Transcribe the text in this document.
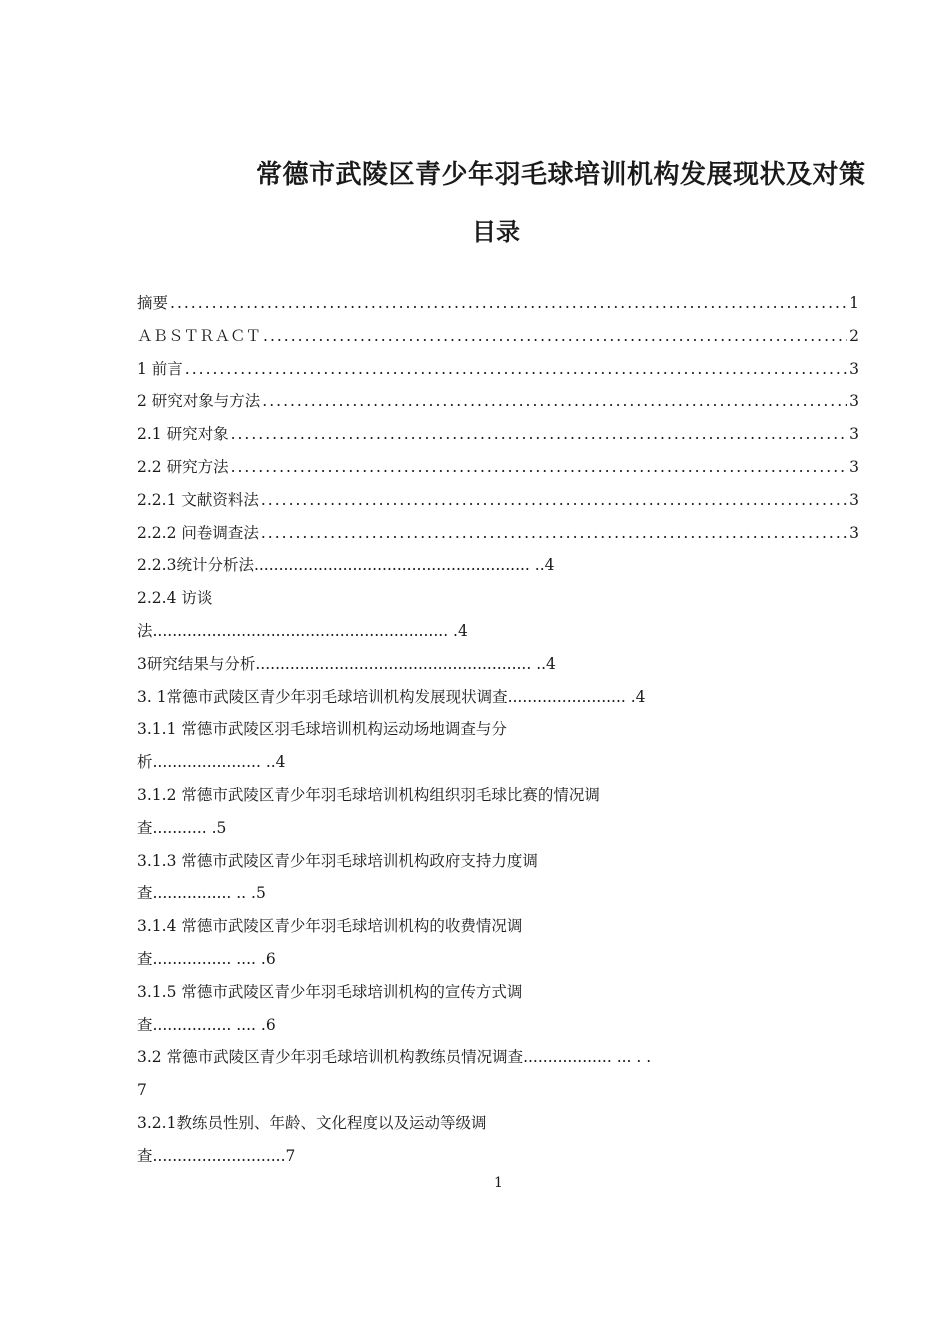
常德市武陵区青少年羽毛球培训机构发展现状及对策
目录
摘要 .....	1
ＡＢＳＴＲＡＣＴ .....	2
1 前言 .....	3
2 研究对象与方法 .....	3
2.1 研究对象 .....	3
2.2 研究方法 .....	3
2.2.1 文献资料法 .....	3
2.2.2 问卷调查法 .....	3
2.2.3统计分析法........................................................ ..4
2.2.4 访谈
法............................................................ .4
3研究结果与分析........................................................ ..4
3. 1常德市武陵区青少年羽毛球培训机构发展现状调查........................ .4
3.1.1 常德市武陵区羽毛球培训机构运动场地调查与分
析...................... ..4
3.1.2 常德市武陵区青少年羽毛球培训机构组织羽毛球比赛的情况调
查........... .5
3.1.3 常德市武陵区青少年羽毛球培训机构政府支持力度调
查................ .. .5
3.1.4 常德市武陵区青少年羽毛球培训机构的收费情况调
查................ .... .6
3.1.5 常德市武陵区青少年羽毛球培训机构的宣传方式调
查................ .... .6
3.2 常德市武陵区青少年羽毛球培训机构教练员情况调查.................. ... . .
7
3.2.1教练员性别、年龄、文化程度以及运动等级调
查...........................7
1
